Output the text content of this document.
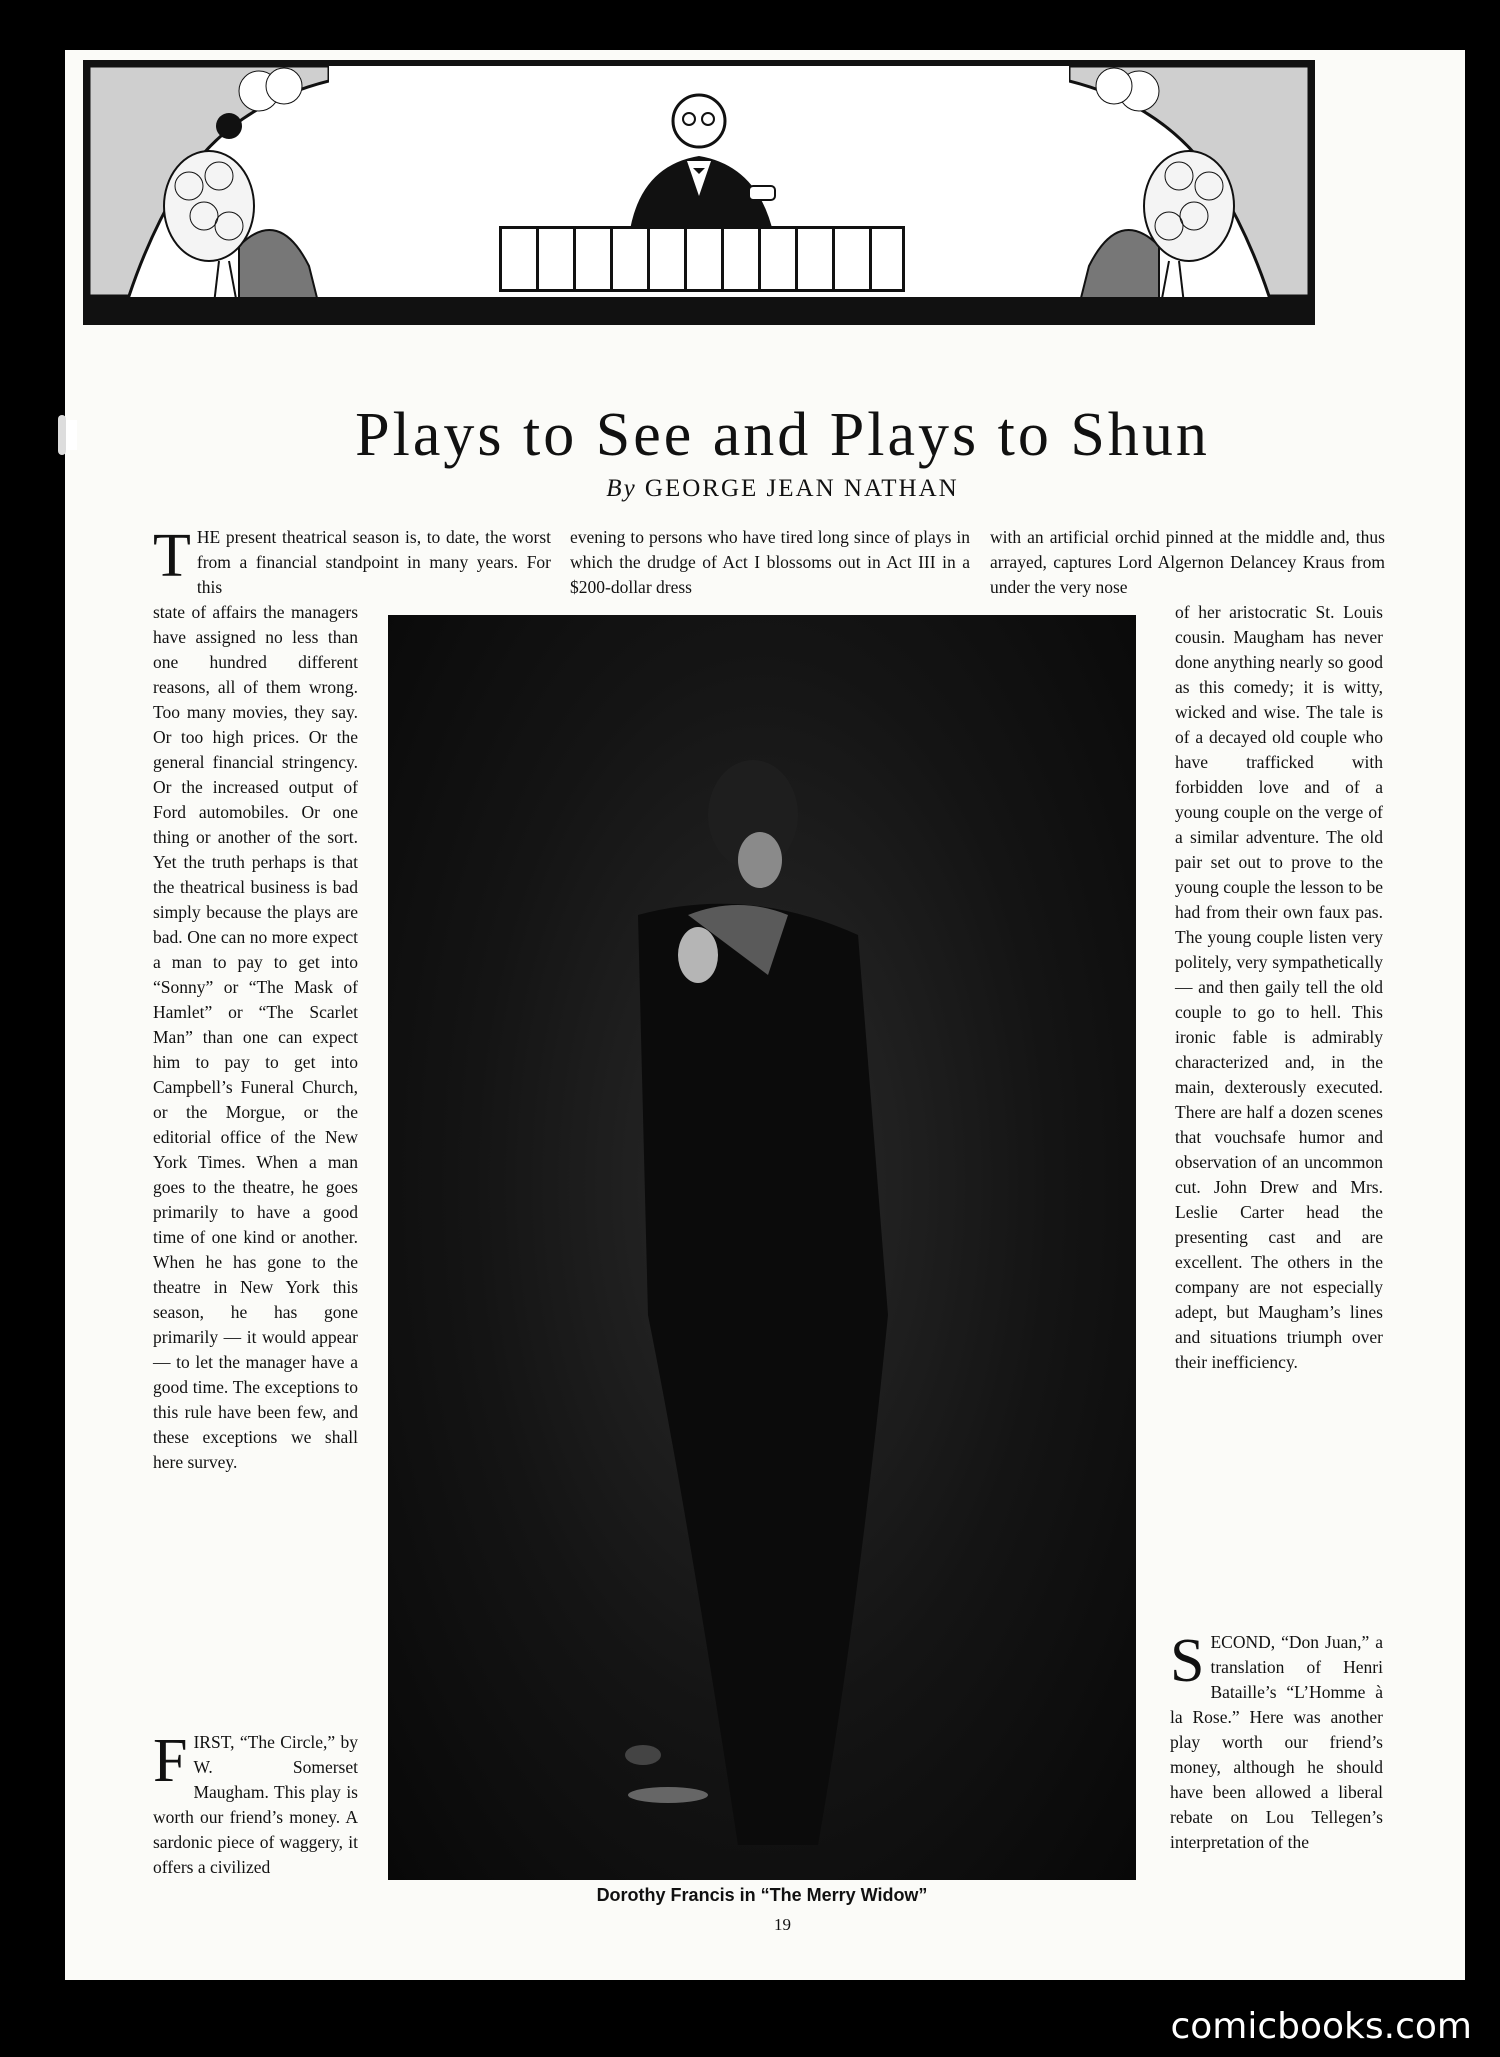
Plays to See and Plays to Shun
By GEORGE JEAN NATHAN

THE present theatrical season is, to date, the worst from a financial standpoint in many years. For this

state of affairs the managers have assigned no less than one hundred different reasons, all of them wrong. Too many movies, they say. Or too high prices. Or the general financial stringency. Or the increased output of Ford automobiles. Or one thing or another of the sort. Yet the truth perhaps is that the theatrical business is bad simply because the plays are bad. One can no more expect a man to pay to get into “Sonny” or “The Mask of Hamlet” or “The Scarlet Man” than one can expect him to pay to get into Campbell’s Funeral Church, or the Morgue, or the editorial office of the New York Times. When a man goes to the theatre, he goes primarily to have a good time of one kind or another. When he has gone to the theatre in New York this season, he has gone primarily — it would appear — to let the manager have a good time. The exceptions to this rule have been few, and these exceptions we shall here survey.

FIRST, “The Circle,” by W. Somerset Maugham. This play is worth our friend’s money. A sardonic piece of waggery, it offers a civilized

evening to persons who have tired long since of plays in which the drudge of Act I blossoms out in Act III in a $200-dollar dress

with an artificial orchid pinned at the middle and, thus arrayed, captures Lord Algernon Delancey Kraus from under the very nose

of her aristocratic St. Louis cousin. Maugham has never done anything nearly so good as this comedy; it is witty, wicked and wise. The tale is of a decayed old couple who have trafficked with forbidden love and of a young couple on the verge of a similar adventure. The old pair set out to prove to the young couple the lesson to be had from their own faux pas. The young couple listen very politely, very sympathetically — and then gaily tell the old couple to go to hell. This ironic fable is admirably characterized and, in the main, dexterously executed. There are half a dozen scenes that vouchsafe humor and observation of an uncommon cut. John Drew and Mrs. Leslie Carter head the presenting cast and are excellent. The others in the company are not especially adept, but Maugham’s lines and situations triumph over their inefficiency.

SECOND, “Don Juan,” a translation of Henri Bataille’s “L’Homme à la Rose.” Here was another play worth our friend’s money, although he should have been allowed a liberal rebate on Lou Tellegen’s interpretation of the

Dorothy Francis in “The Merry Widow”
19
comicbooks.com
